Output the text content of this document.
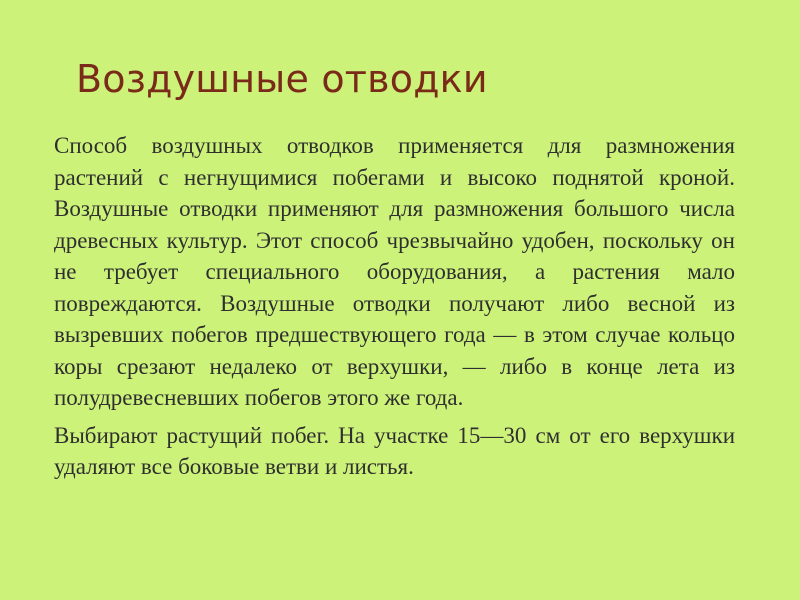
Воздушные отводки

Способ воздушных отводков применяется для размножения растений с негнущимися побегами и высоко поднятой кроной. Воздушные отводки применяют для размножения большого числа древесных культур. Этот способ чрезвычайно удобен, поскольку он не требует специального оборудования, а растения мало повреждаются. Воздушные отводки получают либо весной из вызревших побегов предшествующего года — в этом случае кольцо коры срезают недалеко от верхушки, — либо в конце лета из полудревесневших побегов этого же года.

Выбирают растущий побег. На участке 15—30 см от его верхушки удаляют все боковые ветви и листья.
